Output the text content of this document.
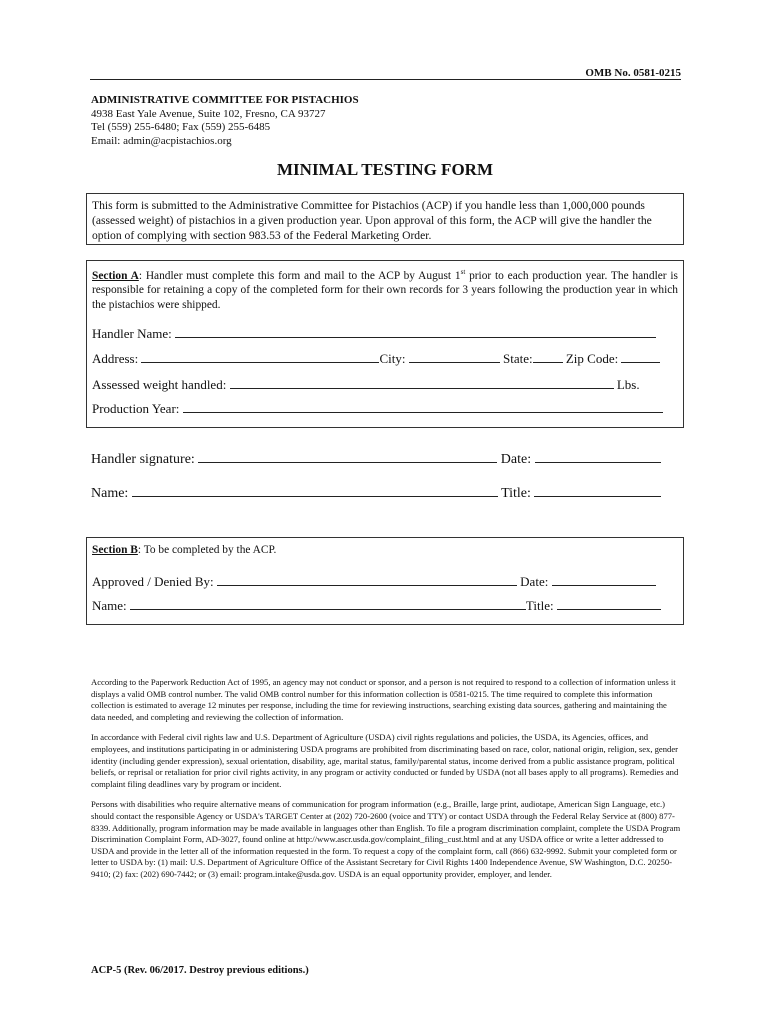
OMB No. 0581-0215
ADMINISTRATIVE COMMITTEE FOR PISTACHIOS
4938 East Yale Avenue, Suite 102, Fresno, CA 93727
Tel (559) 255-6480; Fax (559) 255-6485
Email: admin@acpistachios.org
MINIMAL TESTING FORM
This form is submitted to the Administrative Committee for Pistachios (ACP) if you handle less than 1,000,000 pounds (assessed weight) of pistachios in a given production year. Upon approval of this form, the ACP will give the handler the option of complying with section 983.53 of the Federal Marketing Order.
Section A: Handler must complete this form and mail to the ACP by August 1st prior to each production year. The handler is responsible for retaining a copy of the completed form for their own records for 3 years following the production year in which the pistachios were shipped.
Handler Name:
Address:	City:	State:	Zip Code:
Assessed weight handled:	Lbs.
Production Year:
Handler signature:	Date:
Name:	Title:
Section B: To be completed by the ACP.
Approved / Denied By:	Date:
Name:	Title:

According to the Paperwork Reduction Act of 1995, an agency may not conduct or sponsor, and a person is not required to respond to a collection of information unless it displays a valid OMB control number. The valid OMB control number for this information collection is 0581-0215. The time required to complete this information collection is estimated to average 12 minutes per response, including the time for reviewing instructions, searching existing data sources, gathering and maintaining the data needed, and completing and reviewing the collection of information.

In accordance with Federal civil rights law and U.S. Department of Agriculture (USDA) civil rights regulations and policies, the USDA, its Agencies, offices, and employees, and institutions participating in or administering USDA programs are prohibited from discriminating based on race, color, national origin, religion, sex, gender identity (including gender expression), sexual orientation, disability, age, marital status, family/parental status, income derived from a public assistance program, political beliefs, or reprisal or retaliation for prior civil rights activity, in any program or activity conducted or funded by USDA (not all bases apply to all programs). Remedies and complaint filing deadlines vary by program or incident.

Persons with disabilities who require alternative means of communication for program information (e.g., Braille, large print, audiotape, American Sign Language, etc.) should contact the responsible Agency or USDA's TARGET Center at (202) 720-2600 (voice and TTY) or contact USDA through the Federal Relay Service at (800) 877-8339. Additionally, program information may be made available in languages other than English. To file a program discrimination complaint, complete the USDA Program Discrimination Complaint Form, AD-3027, found online at http://www.ascr.usda.gov/complaint_filing_cust.html and at any USDA office or write a letter addressed to USDA and provide in the letter all of the information requested in the form. To request a copy of the complaint form, call (866) 632-9992. Submit your completed form or letter to USDA by: (1) mail: U.S. Department of Agriculture Office of the Assistant Secretary for Civil Rights 1400 Independence Avenue, SW Washington, D.C. 20250-9410; (2) fax: (202) 690-7442; or (3) email: program.intake@usda.gov. USDA is an equal opportunity provider, employer, and lender.

ACP-5 (Rev. 06/2017. Destroy previous editions.)
